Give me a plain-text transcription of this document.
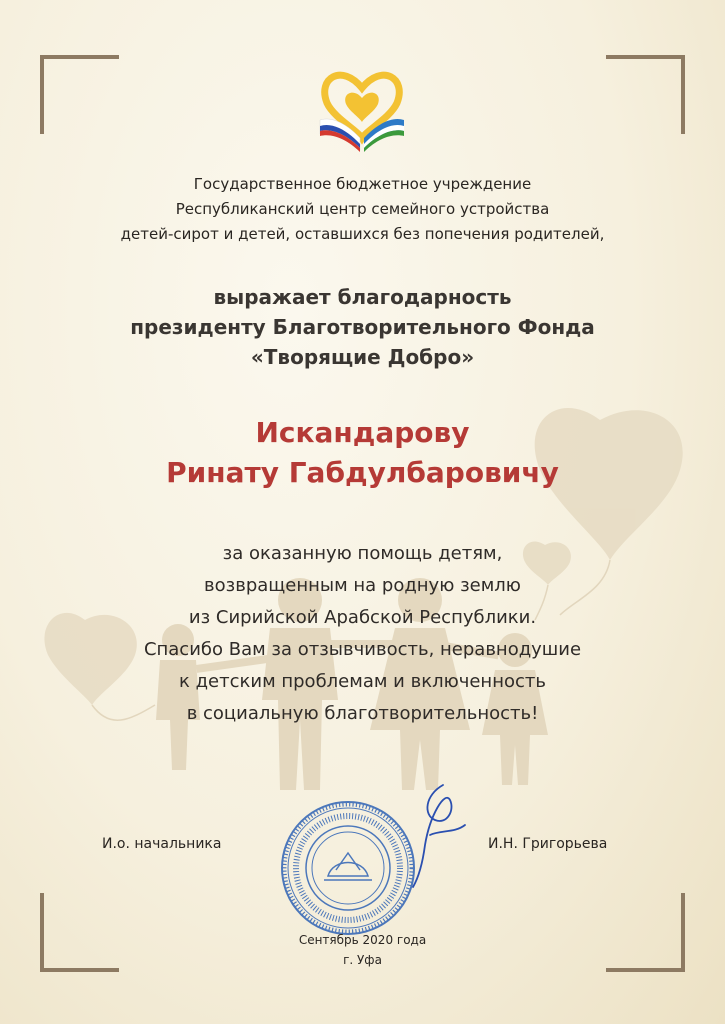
Государственное бюджетное учреждение
Республиканский центр семейного устройства
детей-сирот и детей, оставшихся без попечения родителей,
выражает благодарность
президенту Благотворительного Фонда
«Творящие Добро»
Искандарову
Ринату Габдулбаровичу
за оказанную помощь детям,
возвращенным на родную землю
из Сирийской Арабской Республики.
Спасибо Вам за отзывчивость, неравнодушие
к детским проблемам и включенность
в социальную благотворительность!
И.о. начальника	И.Н. Григорьева
Сентябрь 2020 года
г. Уфа
